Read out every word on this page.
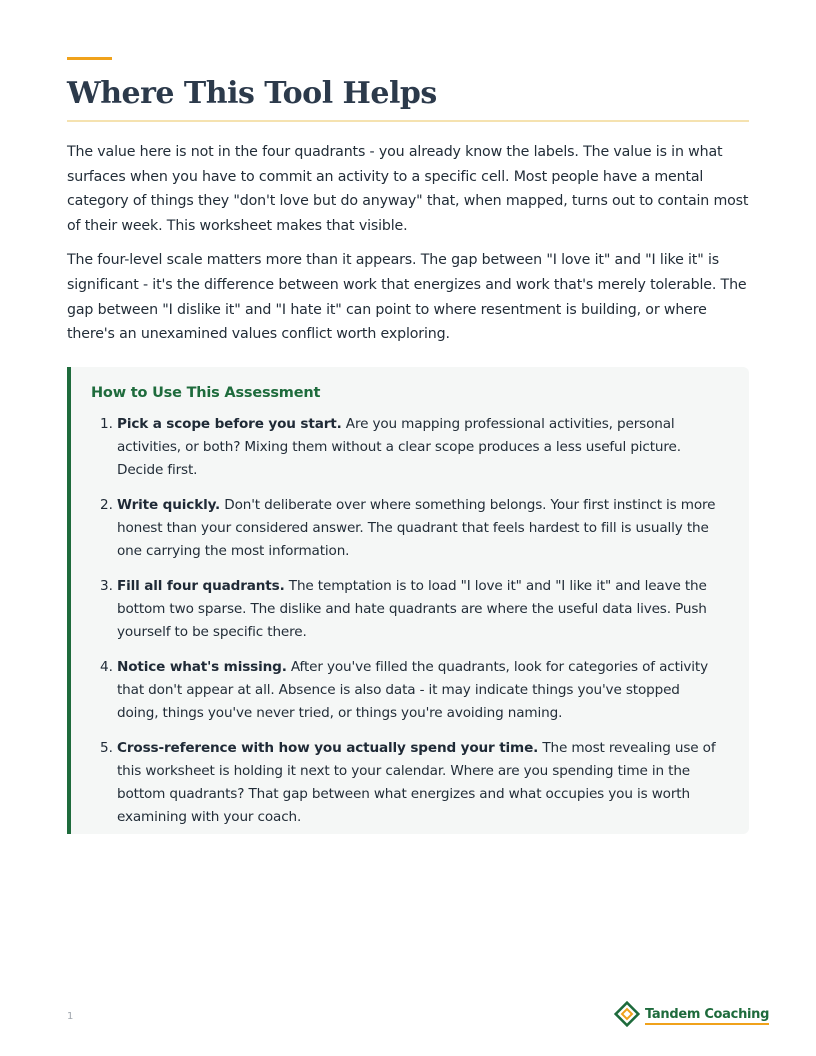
Where This Tool Helps

The value here is not in the four quadrants - you already know the labels. The value is in what surfaces when you have to commit an activity to a specific cell. Most people have a mental category of things they "don't love but do anyway" that, when mapped, turns out to contain most of their week. This worksheet makes that visible.

The four-level scale matters more than it appears. The gap between "I love it" and "I like it" is significant - it's the difference between work that energizes and work that's merely tolerable. The gap between "I dislike it" and "I hate it" can point to where resentment is building, or where there's an unexamined values conflict worth exploring.

How to Use This Assessment
1. Pick a scope before you start. Are you mapping professional activities, personal activities, or both? Mixing them without a clear scope produces a less useful picture. Decide first.
2. Write quickly. Don't deliberate over where something belongs. Your first instinct is more honest than your considered answer. The quadrant that feels hardest to fill is usually the one carrying the most information.
3. Fill all four quadrants. The temptation is to load "I love it" and "I like it" and leave the bottom two sparse. The dislike and hate quadrants are where the useful data lives. Push yourself to be specific there.
4. Notice what's missing. After you've filled the quadrants, look for categories of activity that don't appear at all. Absence is also data - it may indicate things you've stopped doing, things you've never tried, or things you're avoiding naming.
5. Cross-reference with how you actually spend your time. The most revealing use of this worksheet is holding it next to your calendar. Where are you spending time in the bottom quadrants? That gap between what energizes and what occupies you is worth examining with your coach.
1	Tandem Coaching
